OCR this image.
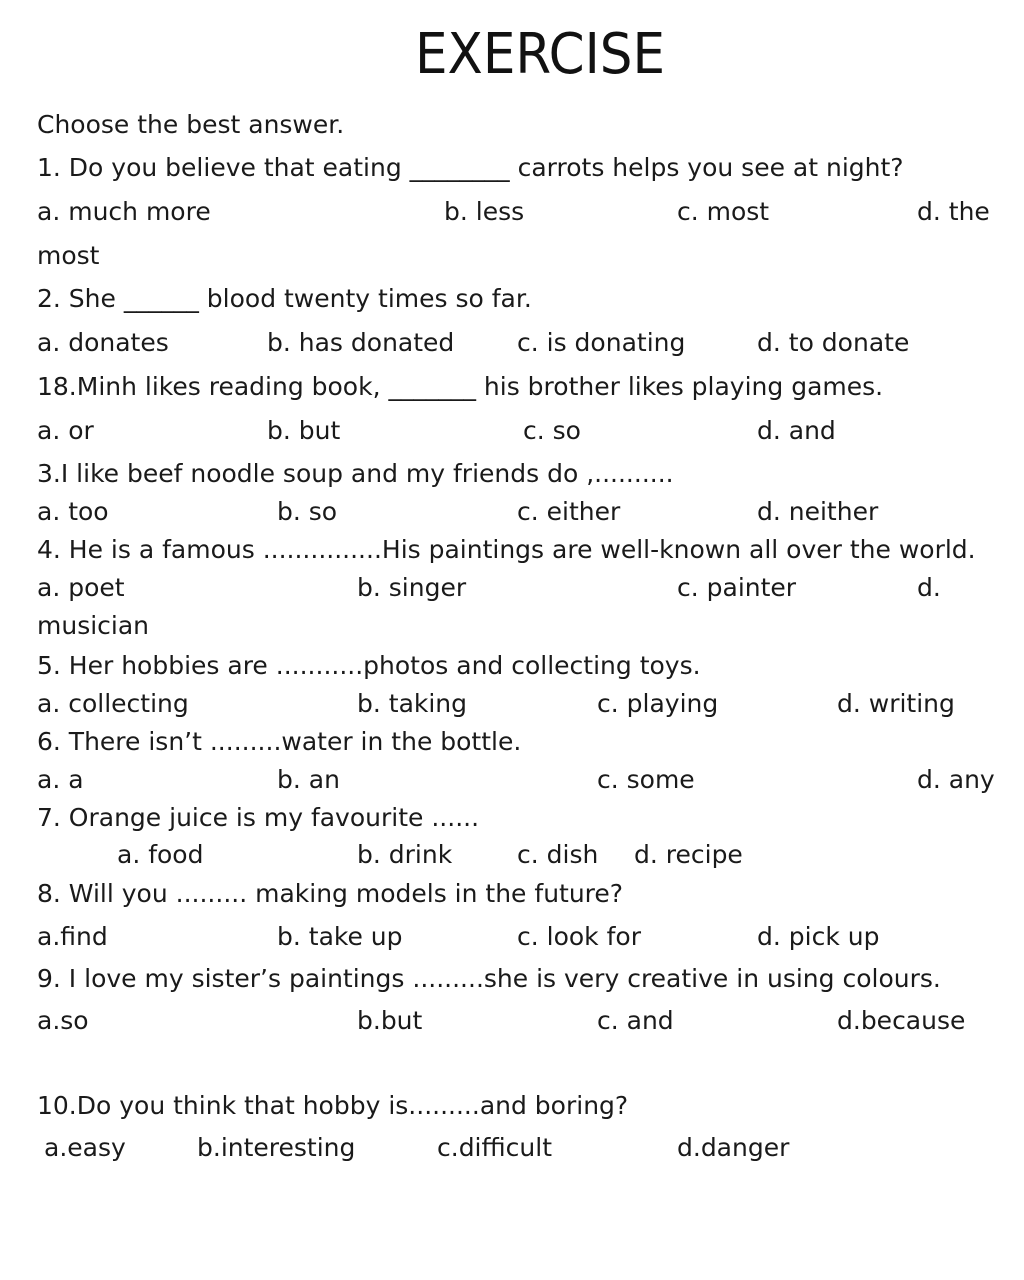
EXERCISE
Choose the best answer.
1. Do you believe that eating ________ carrots helps you see at night?
a. much more	b. less	c. most	d. the
most
2. She ______ blood twenty times so far.
a. donates	b. has donated	c. is donating	d. to donate
18.Minh likes reading book, _______ his brother likes playing games.
a. or	b. but	c. so	d. and
3.I like beef noodle soup and my friends do ,..........
a. too	b. so	c. either	d. neither
4. He is a famous ...............His paintings are well-known all over the world.
a. poet	b. singer	c. painter	d.
musician
5. Her hobbies are ...........photos and collecting toys.
a. collecting	b. taking	c. playing	d. writing
6. There isn’t .........water in the bottle.
a. a	b. an	c. some	d. any
7. Orange juice is my favourite ......
a. food	b. drink	c. dish d. recipe
8. Will you ......... making models in the future?
a.find	b. take up	c. look for	d. pick up
9. I love my sister’s paintings .........she is very creative in using colours.
a.so	b.but	c. and	d.because
10.Do you think that hobby is.........and boring?
a.easy	b.interesting	c.difficult	d.danger
